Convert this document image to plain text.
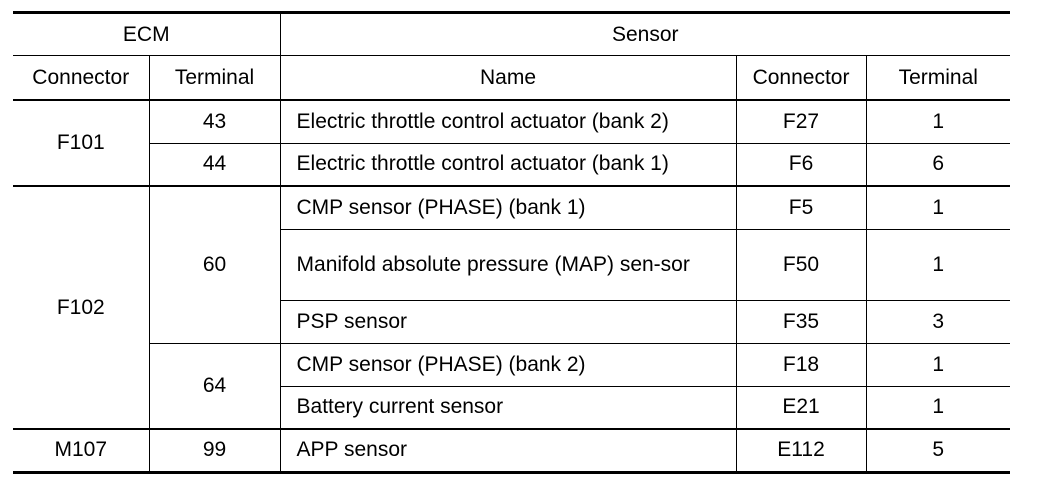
ECM		Sensor		
Connector	Terminal	Name	Connector	Terminal
F101	43	Electric throttle control actuator (bank 2)	F27	1
	44	Electric throttle control actuator (bank 1)	F6	6
F102	60	CMP sensor (PHASE) (bank 1)	F5	1
		Manifold absolute pressure (MAP) sen-sor	F50	1
		PSP sensor	F35	3
	64	CMP sensor (PHASE) (bank 2)	F18	1
		Battery current sensor	E21	1
M107	99	APP sensor	E112	5
